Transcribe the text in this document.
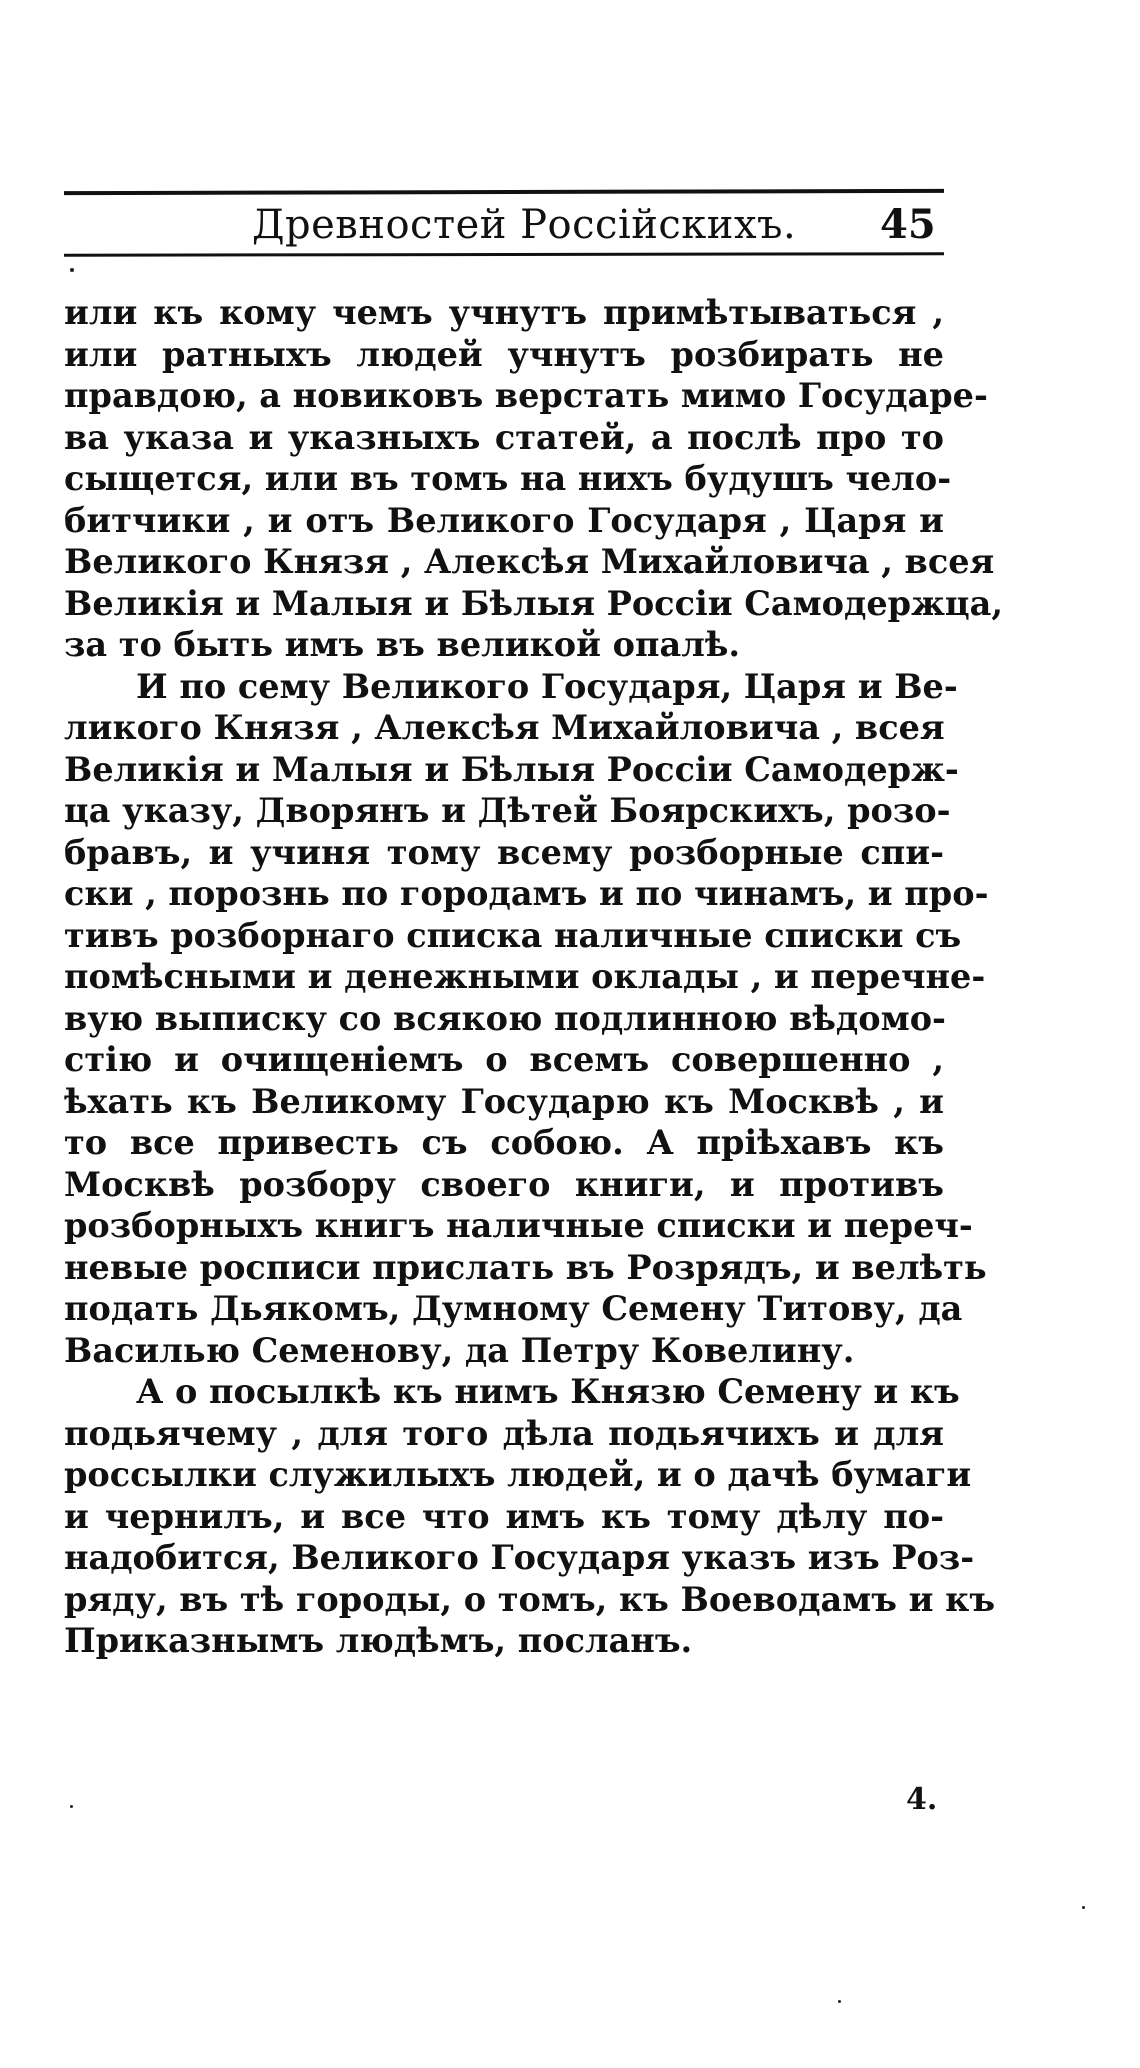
Древностей Россійскихъ. 45
или къ кому чемъ учнутъ примѣтываться ,
или ратныхъ людей учнутъ розбирать не
правдою, а новиковъ верстать мимо Государе-
ва указа и указныхъ статей, а послѣ про то
сыщется, или въ томъ на нихъ будушъ чело-
битчики , и отъ Великого Государя , Царя и
Великого Князя , Алексѣя Михайловича , всея
Великія и Малыя и Бѣлыя Россіи Самодержца,
за то быть имъ въ великой опалѣ.
И по сему Великого Государя, Царя и Ве-
ликого Князя , Алексѣя Михайловича , всея
Великія и Малыя и Бѣлыя Россіи Самодерж-
ца указу, Дворянъ и Дѣтей Боярскихъ, розо-
бравъ, и учиня тому всему розборные спи-
ски , порознь по городамъ и по чинамъ, и про-
тивъ розборнаго списка наличные списки съ
помѣсными и денежными оклады , и перечне-
вую выписку со всякою подлинною вѣдомо-
стію и очищеніемъ о всемъ совершенно ,
ѣхать къ Великому Государю къ Москвѣ , и
то все привесть съ собою. А пріѣхавъ къ
Москвѣ розбору своего книги, и противъ
розборныхъ книгъ наличные списки и переч-
невые росписи прислать въ Розрядъ, и велѣть
подать Дьякомъ, Думному Семену Титову, да
Василью Семенову, да Петру Ковелину.
А о посылкѣ къ нимъ Князю Семену и къ
подьячему , для того дѣла подьячихъ и для
россылки служилыхъ людей, и о дачѣ бумаги
и чернилъ, и все что имъ къ тому дѣлу по-
надобится, Великого Государя указъ изъ Роз-
ряду, въ тѣ городы, о томъ, къ Воеводамъ и къ
Приказнымъ людѣмъ, посланъ.
4.
